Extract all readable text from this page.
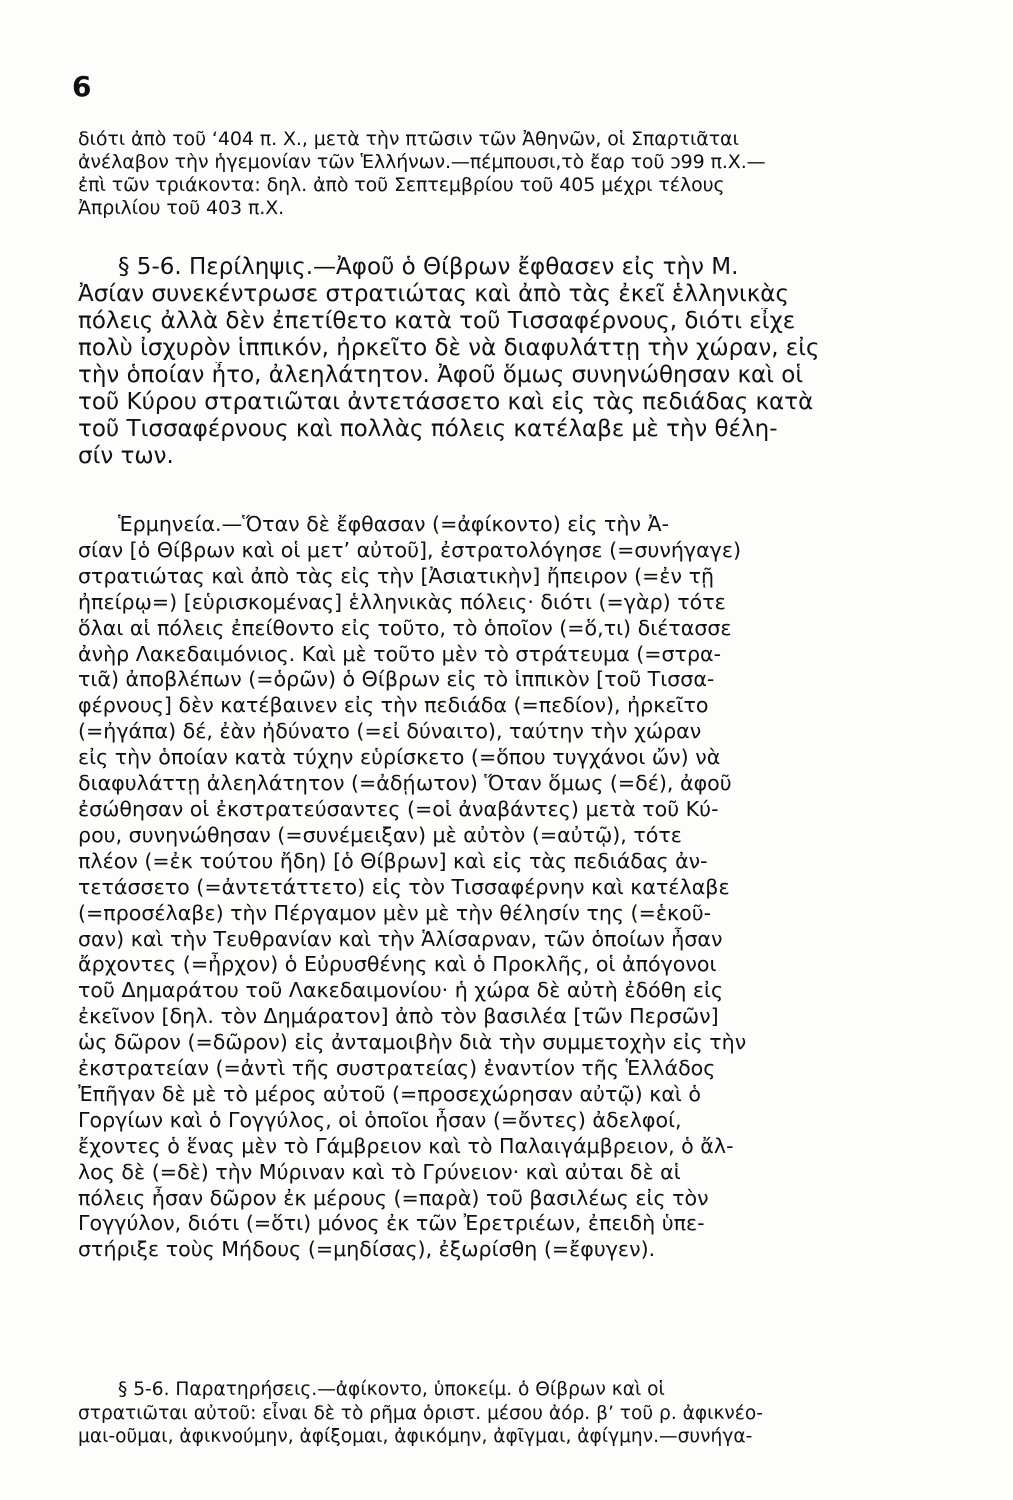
6
διότι ἀπὸ τοῦ ‘404 π. Χ., μετὰ τὴν πτῶσιν τῶν Ἀθηνῶν, οἱ Σπαρτιᾶται
ἀνέλαβον τὴν ἡγεμονίαν τῶν Ἑλλήνων.—πέμπουσι,τὸ ἔαρ τοῦ ͻ99 π.Χ.—
ἐπὶ τῶν τριάκοντα: δηλ. ἀπὸ τοῦ Σεπτεμβρίου τοῦ 405 μέχρι τέλους
Ἀπριλίου τοῦ 403 π.Χ.
§ 5-6. Περίληψις.—Ἀφοῦ ὁ Θίβρων ἔφθασεν εἰς τὴν Μ.
Ἀσίαν συνεκέντρωσε στρατιώτας καὶ ἀπὸ τὰς ἐκεῖ ἑλληνικὰς
πόλεις ἀλλὰ δὲν ἐπετίθετο κατὰ τοῦ Τισσαφέρνους, διότι εἶχε
πολὺ ἰσχυρὸν ἱππικόν, ἠρκεῖτο δὲ νὰ διαφυλάττῃ τὴν χώραν, εἰς
τὴν ὁποίαν ἦτο, ἀλεηλάτητον. Ἀφοῦ ὅμως συνηνώθησαν καὶ οἱ
τοῦ Κύρου στρατιῶται ἀντετάσσετο καὶ εἰς τὰς πεδιάδας κατὰ
τοῦ Τισσαφέρνους καὶ πολλὰς πόλεις κατέλαβε μὲ τὴν θέλη-
σίν των.
Ἑρμηνεία.—Ὅταν δὲ ἔφθασαν (=ἀφίκοντο) εἰς τὴν Ἀ-
σίαν [ὁ Θίβρων καὶ οἱ μετ’ αὐτοῦ], ἐστρατολόγησε (=συνήγαγε)
στρατιώτας καὶ ἀπὸ τὰς εἰς τὴν [Ἀσιατικὴν] ἤπειρον (=ἐν τῇ
ἠπείρῳ=) [εὑρισκομένας] ἑλληνικὰς πόλεις· διότι (=γὰρ) τότε
ὅλαι αἱ πόλεις ἐπείθοντο εἰς τοῦτο, τὸ ὁποῖον (=ὅ,τι) διέτασσε
ἀνὴρ Λακεδαιμόνιος. Καὶ μὲ τοῦτο μὲν τὸ στράτευμα (=στρα-
τιᾶ) ἀποβλέπων (=ὁρῶν) ὁ Θίβρων εἰς τὸ ἱππικὸν [τοῦ Τισσα-
φέρνους] δὲν κατέβαινεν εἰς τὴν πεδιάδα (=πεδίον), ἠρκεῖτο
(=ἠγάπα) δέ, ἐὰν ἠδύνατο (=εἰ δύναιτο), ταύτην τὴν χώραν
εἰς τὴν ὁποίαν κατὰ τύχην εὑρίσκετο (=ὅπου τυγχάνοι ὤν) νὰ
διαφυλάττῃ ἀλεηλάτητον (=ἀδῄωτον) Ὅταν ὅμως (=δέ), ἀφοῦ
ἐσώθησαν οἱ ἐκστρατεύσαντες (=οἱ ἀναβάντες) μετὰ τοῦ Κύ-
ρου, συνηνώθησαν (=συνέμειξαν) μὲ αὐτὸν (=αὐτῷ), τότε
πλέον (=ἐκ τούτου ἤδη) [ὁ Θίβρων] καὶ εἰς τὰς πεδιάδας ἀν-
τετάσσετο (=ἀντετάττετο) εἰς τὸν Τισσαφέρνην καὶ κατέλαβε
(=προσέλαβε) τὴν Πέργαμον μὲν μὲ τὴν θέλησίν της (=ἑκοῦ-
σαν) καὶ τὴν Τευθρανίαν καὶ τὴν Ἁλίσαρναν, τῶν ὁποίων ἦσαν
ἄρχοντες (=ἦρχον) ὁ Εὐρυσθένης καὶ ὁ Προκλῆς, οἱ ἀπόγονοι
τοῦ Δημαράτου τοῦ Λακεδαιμονίου· ἡ χώρα δὲ αὐτὴ ἐδόθη εἰς
ἐκεῖνον [δηλ. τὸν Δημάρατον] ἀπὸ τὸν βασιλέα [τῶν Περσῶν]
ὡς δῶρον (=δῶρον) εἰς ἀνταμοιβὴν διὰ τὴν συμμετοχὴν εἰς τὴν
ἐκστρατείαν (=ἀντὶ τῆς συστρατείας) ἐναντίον τῆς Ἑλλάδος
Ἐπῆγαν δὲ μὲ τὸ μέρος αὐτοῦ (=προσεχώρησαν αὐτῷ) καὶ ὁ
Γοργίων καὶ ὁ Γογγύλος, οἱ ὁποῖοι ἦσαν (=ὄντες) ἀδελφοί,
ἔχοντες ὁ ἕνας μὲν τὸ Γάμβρειον καὶ τὸ Παλαιγάμβρειον, ὁ ἄλ-
λος δὲ (=δὲ) τὴν Μύριναν καὶ τὸ Γρύνειον· καὶ αὐται δὲ αἱ
πόλεις ἦσαν δῶρον ἐκ μέρους (=παρὰ) τοῦ βασιλέως εἰς τὸν
Γογγύλον, διότι (=ὅτι) μόνος ἐκ τῶν Ἐρετριέων, ἐπειδὴ ὑπε-
στήριξε τοὺς Μήδους (=μηδίσας), ἐξωρίσθη (=ἔφυγεν).
§ 5-6. Παρατηρήσεις.—ἀφίκοντο, ὑποκείμ. ὁ Θίβρων καὶ οἱ
στρατιῶται αὐτοῦ: εἶναι δὲ τὸ ρῆμα ὁριστ. μέσου ἀόρ. β’ τοῦ ρ. ἀφικνέο-
μαι-οῦμαι, ἀφικνούμην, ἀφίξομαι, ἀφικόμην, ἀφῖγμαι, ἀφίγμην.—συνήγα-
